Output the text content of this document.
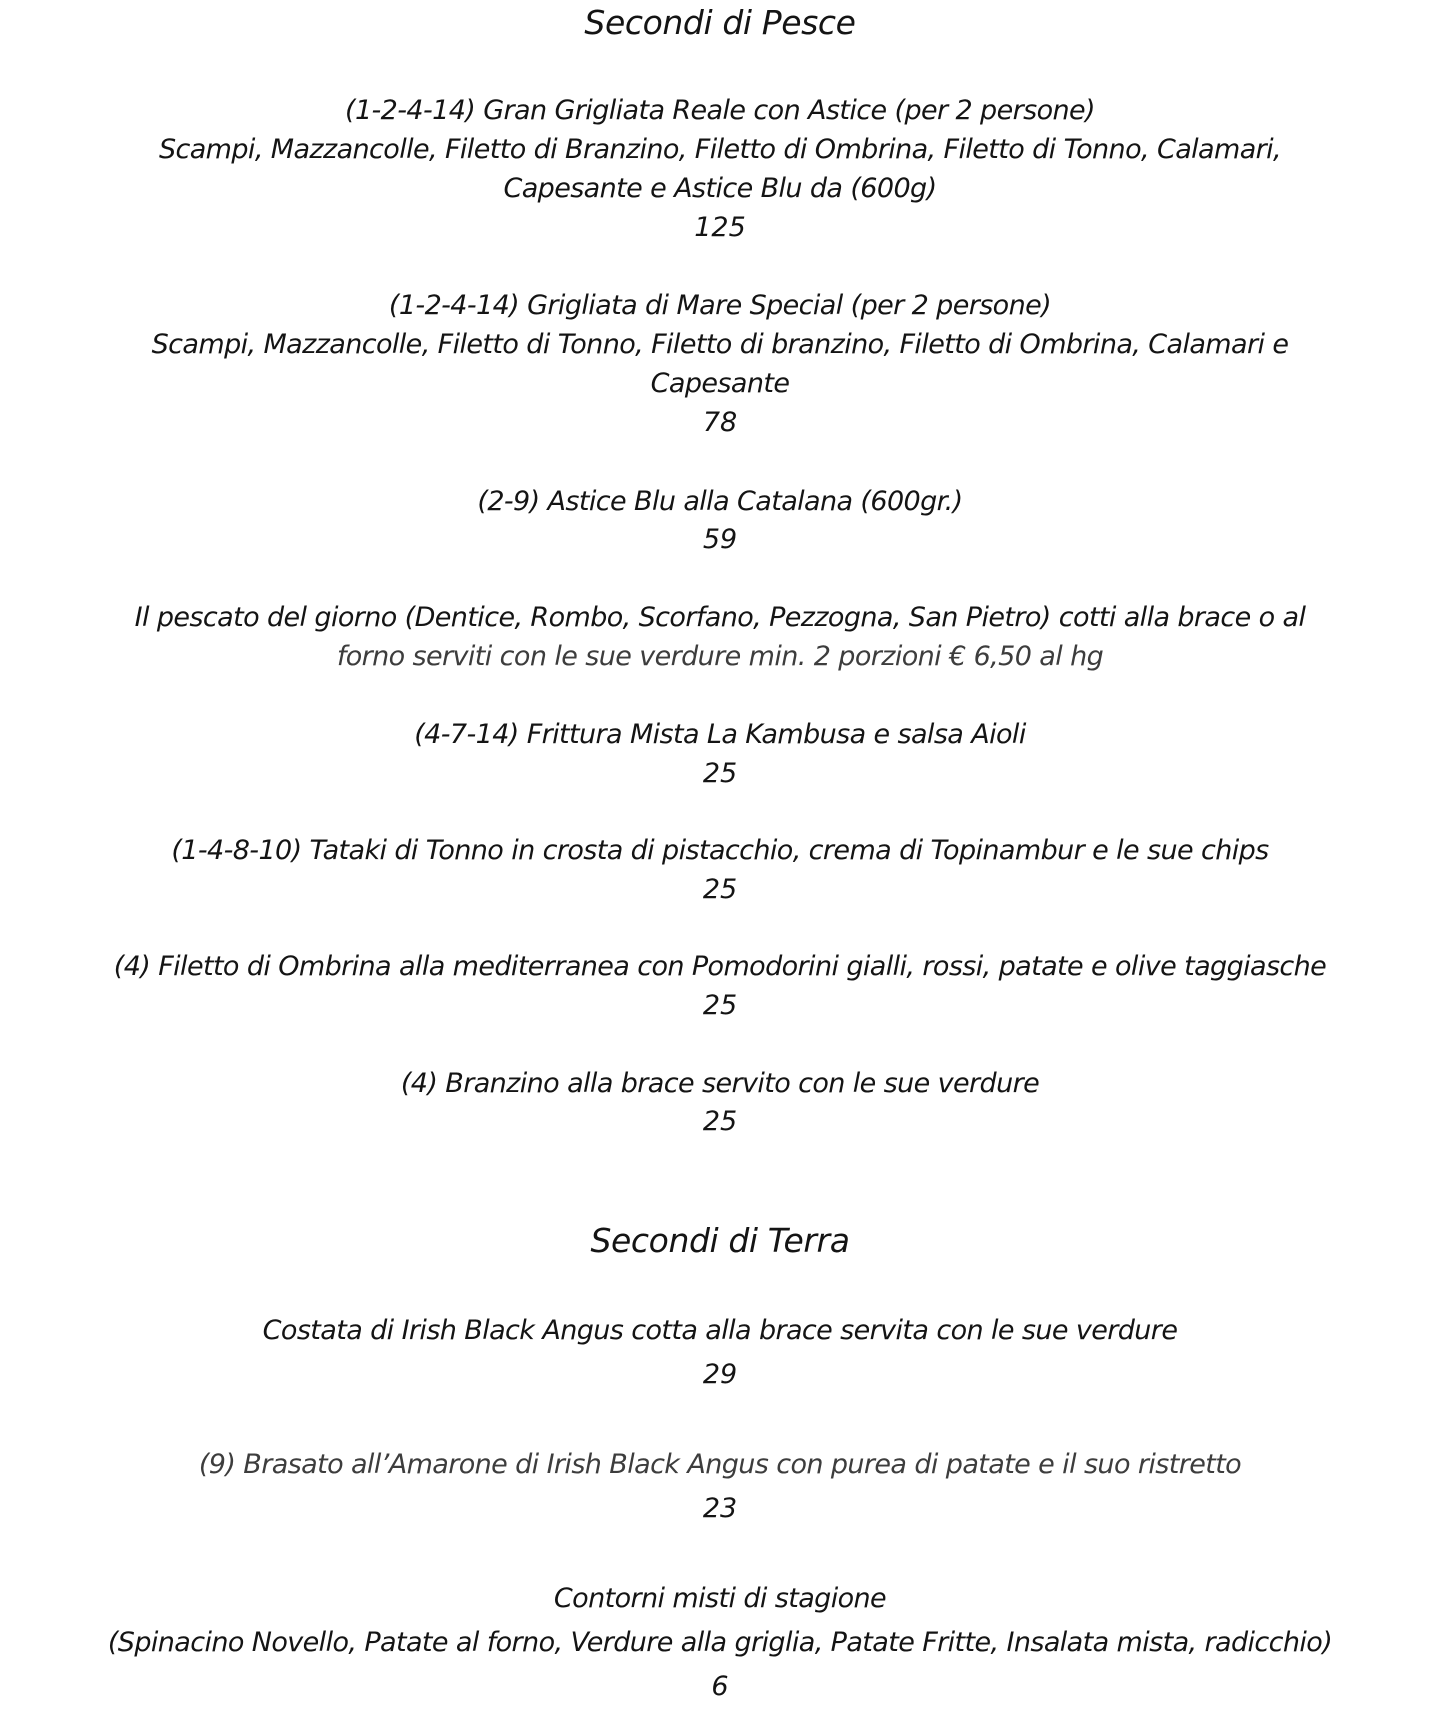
Secondi di Pesce
(1-2-4-14) Gran Grigliata Reale con Astice (per 2 persone)
Scampi, Mazzancolle, Filetto di Branzino, Filetto di Ombrina, Filetto di Tonno, Calamari,
Capesante e Astice Blu da (600g)
125
(1-2-4-14) Grigliata di Mare Special (per 2 persone)
Scampi, Mazzancolle, Filetto di Tonno, Filetto di branzino, Filetto di Ombrina, Calamari e
Capesante
78
(2-9) Astice Blu alla Catalana (600gr.)
59
Il pescato del giorno (Dentice, Rombo, Scorfano, Pezzogna, San Pietro) cotti alla brace o al
forno serviti con le sue verdure min. 2 porzioni € 6,50 al hg
(4-7-14) Frittura Mista La Kambusa e salsa Aioli
25
(1-4-8-10) Tataki di Tonno in crosta di pistacchio, crema di Topinambur e le sue chips
25
(4) Filetto di Ombrina alla mediterranea con Pomodorini gialli, rossi, patate e olive taggiasche
25
(4) Branzino alla brace servito con le sue verdure
25
Secondi di Terra
Costata di Irish Black Angus cotta alla brace servita con le sue verdure
29
(9) Brasato all’Amarone di Irish Black Angus con purea di patate e il suo ristretto
23
Contorni misti di stagione
(Spinacino Novello, Patate al forno, Verdure alla griglia, Patate Fritte, Insalata mista, radicchio)
6
